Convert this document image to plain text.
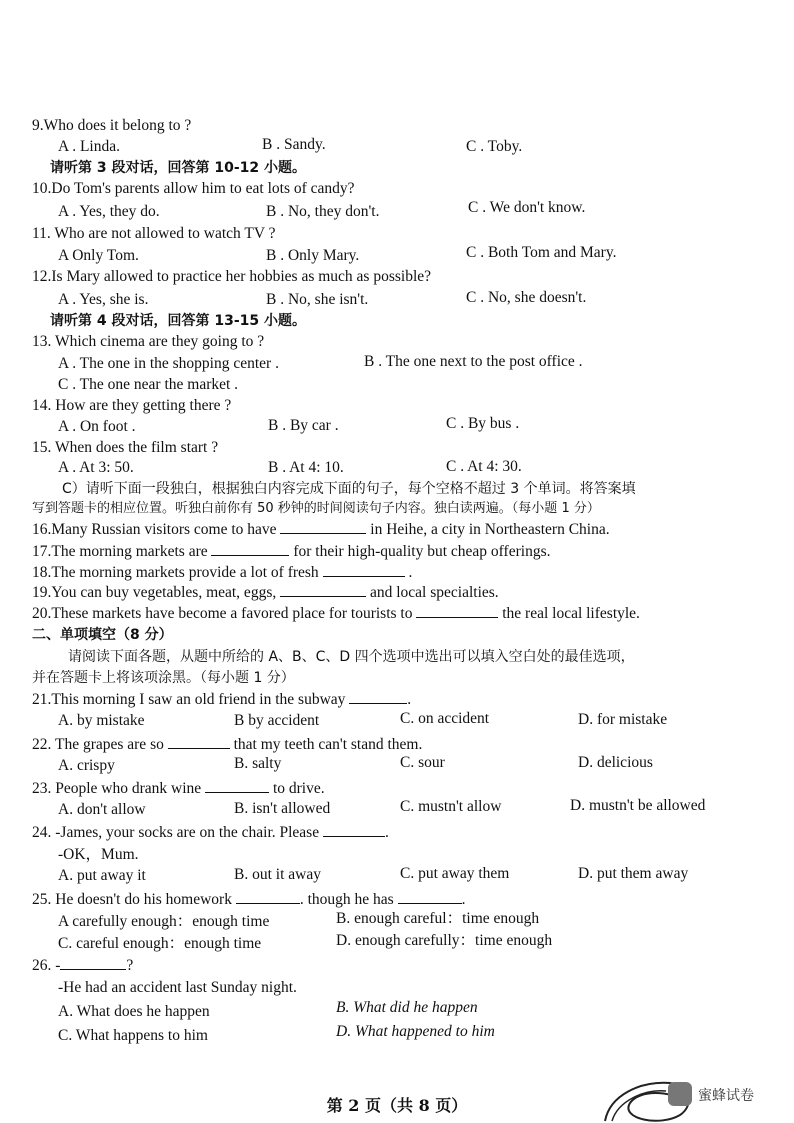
9.Who does it belong to ?
A . Linda.	B . Sandy.	C . Toby.
请听第 3 段对话，回答第 10-12 小题。
10.Do Tom's parents allow him to eat lots of candy?
A . Yes, they do.	B . No, they don't.	C . We don't know.
11. Who are not allowed to watch TV ?
A Only Tom.	B . Only Mary.	C . Both Tom and Mary.
12.Is Mary allowed to practice her hobbies as much as possible?
A . Yes, she is.	B . No, she isn't.	C . No, she doesn't.
请听第 4 段对话，回答第 13-15 小题。
13. Which cinema are they going to ?
A . The one in the shopping center .	B . The one next to the post office .
C . The one near the market .
14. How are they getting there ?
A . On foot .	B . By car .	C . By bus .
15. When does the film start ?
A . At 3: 50.	B . At 4: 10.	C . At 4: 30.
C）请听下面一段独白，根据独白内容完成下面的句子，每个空格不超过 3 个单词。将答案填
写到答题卡的相应位置。听独白前你有 50 秒钟的时间阅读句子内容。独白读两遍。（每小题 1 分）
16.Many Russian visitors come to have	in Heihe, a city in Northeastern China.
17.The morning markets are	for their high-quality but cheap offerings.
18.The morning markets provide a lot of fresh	.
19.You can buy vegetables, meat, eggs,	and local specialties.
20.These markets have become a favored place for tourists to	the real local lifestyle.
二、单项填空（8 分）
请阅读下面各题，从题中所给的 A、B、C、D 四个选项中选出可以填入空白处的最佳选项，
并在答题卡上将该项涂黑。（每小题 1 分）
21.This morning I saw an old friend in the subway	.
A. by mistake	B by accident	C. on accident	D. for mistake
22. The grapes are so	that my teeth can't stand them.
A. crispy	B. salty	C. sour	D. delicious
23. People who drank wine	to drive.
A. don't allow	B. isn't allowed	C. mustn't allow	D. mustn't be allowed
24. -James, your socks are on the chair. Please	.
-OK，Mum.
A. put away it	B. out it away	C. put away them	D. put them away
25. He doesn't do his homework	. though he has	.
A carefully enough：enough time	B. enough careful：time enough
C. careful enough：enough time	D. enough carefully：time enough
26. -	?
-He had an accident last Sunday night.
A. What does he happen	B. What did he happen
C. What happens to him	D. What happened to him
第 2 页（共 8 页）	蜜蜂试卷
